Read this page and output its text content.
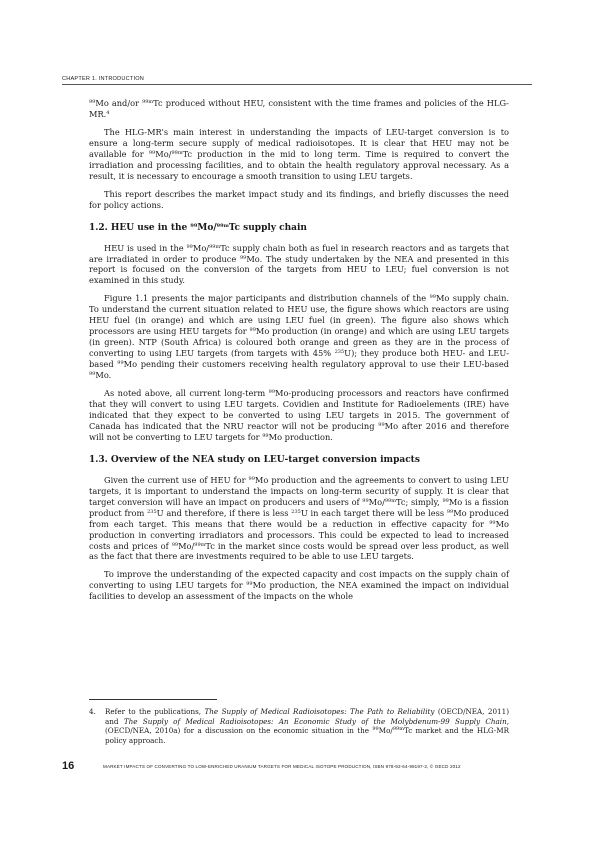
CHAPTER 1. INTRODUCTION

$^{99}$Mo and/or $^{99m}$Tc produced without HEU, consistent with the time frames and policies of the HLG-MR.$^4$

The HLG-MR’s main interest in understanding the impacts of LEU-target conversion is to ensure a long-term secure supply of medical radioisotopes. It is clear that HEU may not be available for $^{99}$Mo/$^{99m}$Tc production in the mid to long term. Time is required to convert the irradiation and processing facilities, and to obtain the health regulatory approval necessary. As a result, it is necessary to encourage a smooth transition to using LEU targets.

This report describes the market impact study and its findings, and briefly discusses the need for policy actions.

1.2. HEU use in the $^{99}$Mo/$^{99m}$Tc supply chain

HEU is used in the $^{99}$Mo/$^{99m}$Tc supply chain both as fuel in research reactors and as targets that are irradiated in order to produce $^{99}$Mo. The study undertaken by the NEA and presented in this report is focused on the conversion of the targets from HEU to LEU; fuel conversion is not examined in this study.

Figure 1.1 presents the major participants and distribution channels of the $^{99}$Mo supply chain. To understand the current situation related to HEU use, the figure shows which reactors are using HEU fuel (in orange) and which are using LEU fuel (in green). The figure also shows which processors are using HEU targets for $^{99}$Mo production (in orange) and which are using LEU targets (in green). NTP (South Africa) is coloured both orange and green as they are in the process of converting to using LEU targets (from targets with 45% $^{235}$U); they produce both HEU- and LEU-based $^{99}$Mo pending their customers receiving health regulatory approval to use their LEU-based $^{99}$Mo.

As noted above, all current long-term $^{99}$Mo-producing processors and reactors have confirmed that they will convert to using LEU targets. Covidien and Institute for Radioelements (IRE) have indicated that they expect to be converted to using LEU targets in 2015. The government of Canada has indicated that the NRU reactor will not be producing $^{99}$Mo after 2016 and therefore will not be converting to LEU targets for $^{99}$Mo production.

1.3. Overview of the NEA study on LEU-target conversion impacts

Given the current use of HEU for $^{99}$Mo production and the agreements to convert to using LEU targets, it is important to understand the impacts on long-term security of supply. It is clear that target conversion will have an impact on producers and users of $^{99}$Mo/$^{99m}$Tc; simply, $^{99}$Mo is a fission product from $^{235}$U and therefore, if there is less $^{235}$U in each target there will be less $^{99}$Mo produced from each target. This means that there would be a reduction in effective capacity for $^{99}$Mo production in converting irradiators and processors. This could be expected to lead to increased costs and prices of $^{99}$Mo/$^{99m}$Tc in the market since costs would be spread over less product, as well as the fact that there are investments required to be able to use LEU targets.

To improve the understanding of the expected capacity and cost impacts on the supply chain of converting to using LEU targets for $^{99}$Mo production, the NEA examined the impact on individual facilities to develop an assessment of the impacts on the whole

4. Refer to the publications, The Supply of Medical Radioisotopes: The Path to Reliability (OECD/NEA, 2011) and The Supply of Medical Radioisotopes: An Economic Study of the Molybdenum-99 Supply Chain, (OECD/NEA, 2010a) for a discussion on the economic situation in the $^{99}$Mo/$^{99m}$Tc market and the HLG-MR policy approach.
16	MARKET IMPACTS OF CONVERTING TO LOW-ENRICHED URANIUM TARGETS FOR MEDICAL ISOTOPE PRODUCTION, ISBN 978-92-64-99197-2, © OECD 2012
